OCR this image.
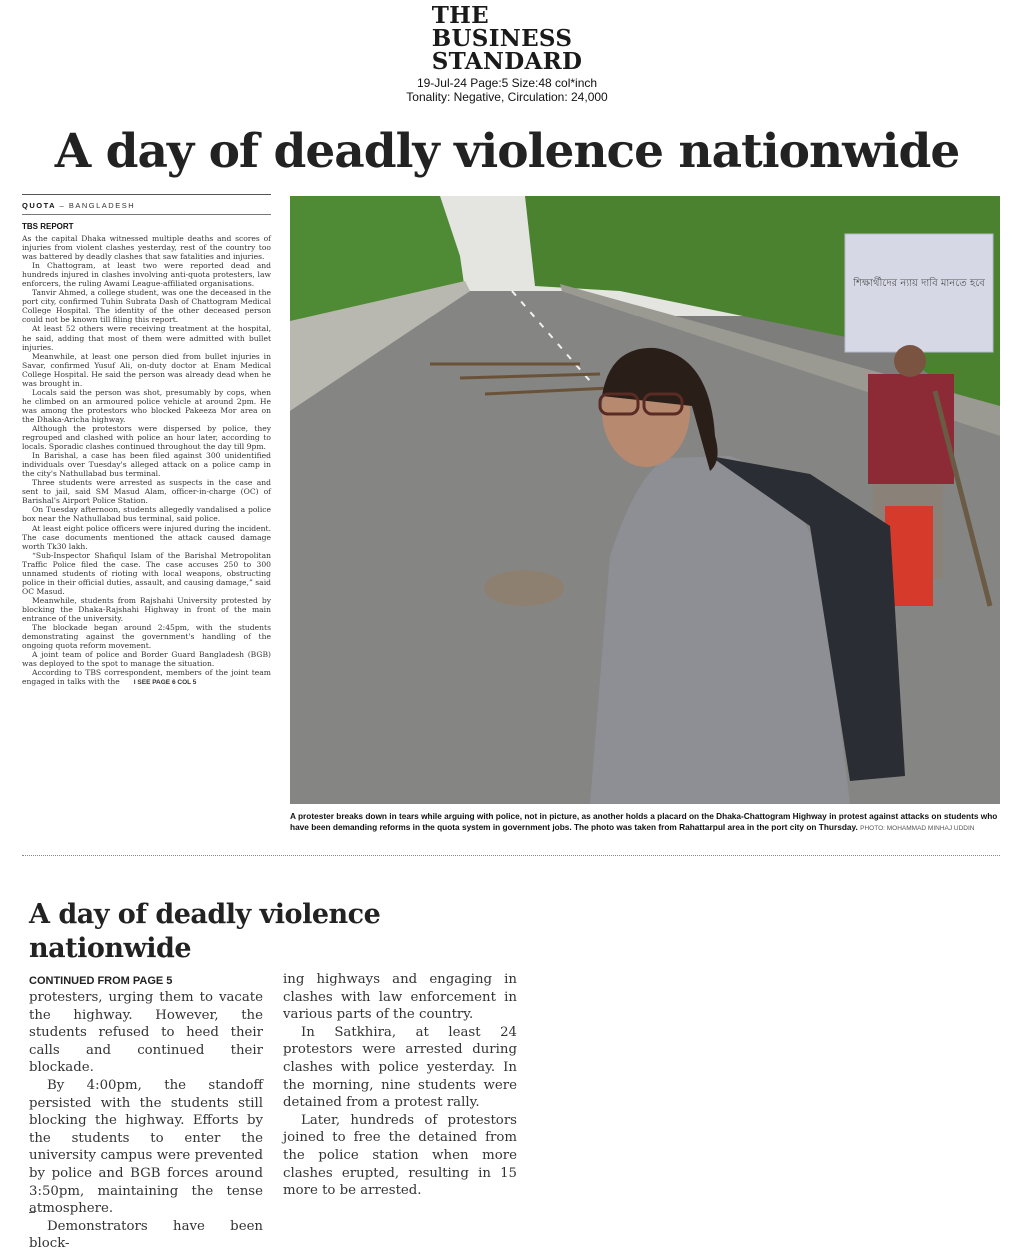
THE
BUSINESS
STANDARD
19-Jul-24 Page:5 Size:48 col*inch
Tonality: Negative, Circulation: 24,000
A day of deadly violence nationwide
QUOTA – BANGLADESH
TBS REPORT

As the capital Dhaka witnessed multiple deaths and scores of injuries from violent clashes yesterday, rest of the country too was battered by deadly clashes that saw fatalities and injuries.

In Chattogram, at least two were reported dead and hundreds injured in clashes involving anti-quota protesters, law enforcers, the ruling Awami League-affiliated organisations.

Tanvir Ahmed, a college student, was one the deceased in the port city, confirmed Tuhin Subrata Dash of Chattogram Medical College Hospital. The identity of the other deceased person could not be known till filing this report.

At least 52 others were receiving treatment at the hospital, he said, adding that most of them were admitted with bullet injuries.

Meanwhile, at least one person died from bullet injuries in Savar, confirmed Yusuf Ali, on-duty doctor at Enam Medical College Hospital. He said the person was already dead when he was brought in.

Locals said the person was shot, presumably by cops, when he climbed on an armoured police vehicle at around 2pm. He was among the protestors who blocked Pakeeza Mor area on the Dhaka-Aricha highway.

Although the protestors were dispersed by police, they regrouped and clashed with police an hour later, according to locals. Sporadic clashes continued throughout the day till 9pm.

In Barishal, a case has been filed against 300 unidentified individuals over Tuesday's alleged attack on a police camp in the city's Nathullabad bus terminal.

Three students were arrested as suspects in the case and sent to jail, said SM Masud Alam, officer-in-charge (OC) of Barishal's Airport Police Station.

On Tuesday afternoon, students allegedly vandalised a police box near the Nathullabad bus terminal, said police.

At least eight police officers were injured during the incident. The case documents mentioned the attack caused damage worth Tk30 lakh.

“Sub-Inspector Shafiqul Islam of the Barishal Metropolitan Traffic Police filed the case. The case accuses 250 to 300 unnamed students of rioting with local weapons, obstructing police in their official duties, assault, and causing damage,” said OC Masud.

Meanwhile, students from Rajshahi University protested by blocking the Dhaka-Rajshahi Highway in front of the main entrance of the university.

The blockade began around 2:45pm, with the students demonstrating against the government's handling of the ongoing quota reform movement.

A joint team of police and Border Guard Bangladesh (BGB) was deployed to the spot to manage the situation.

According to TBS correspondent, members of the joint team engaged in talks with the I SEE PAGE 6 COL 5

শিক্ষার্থীদের ন্যায় দাবি মানতে হবে
A protester breaks down in tears while arguing with police, not in picture, as another holds a placard on the Dhaka-Chattogram Highway in protest against attacks on students who have been demanding reforms in the quota system in government jobs. The photo was taken from Rahattarpul area in the port city on Thursday. PHOTO: MOHAMMAD MINHAJ UDDIN
A day of deadly violence nationwide
CONTINUED FROM PAGE 5

protesters, urging them to vacate the highway. However, the students refused to heed their calls and continued their blockade.

By 4:00pm, the standoff persisted with the students still blocking the highway. Efforts by the students to enter the university campus were prevented by police and BGB forces around 3:50pm, maintaining the tense atmosphere.

Demonstrators have been block-

ing highways and engaging in clashes with law enforcement in various parts of the country.

In Satkhira, at least 24 protestors were arrested during clashes with police yesterday. In the morning, nine students were detained from a protest rally.

Later, hundreds of protestors joined to free the detained from the police station when more clashes erupted, resulting in 15 more to be arrested.
